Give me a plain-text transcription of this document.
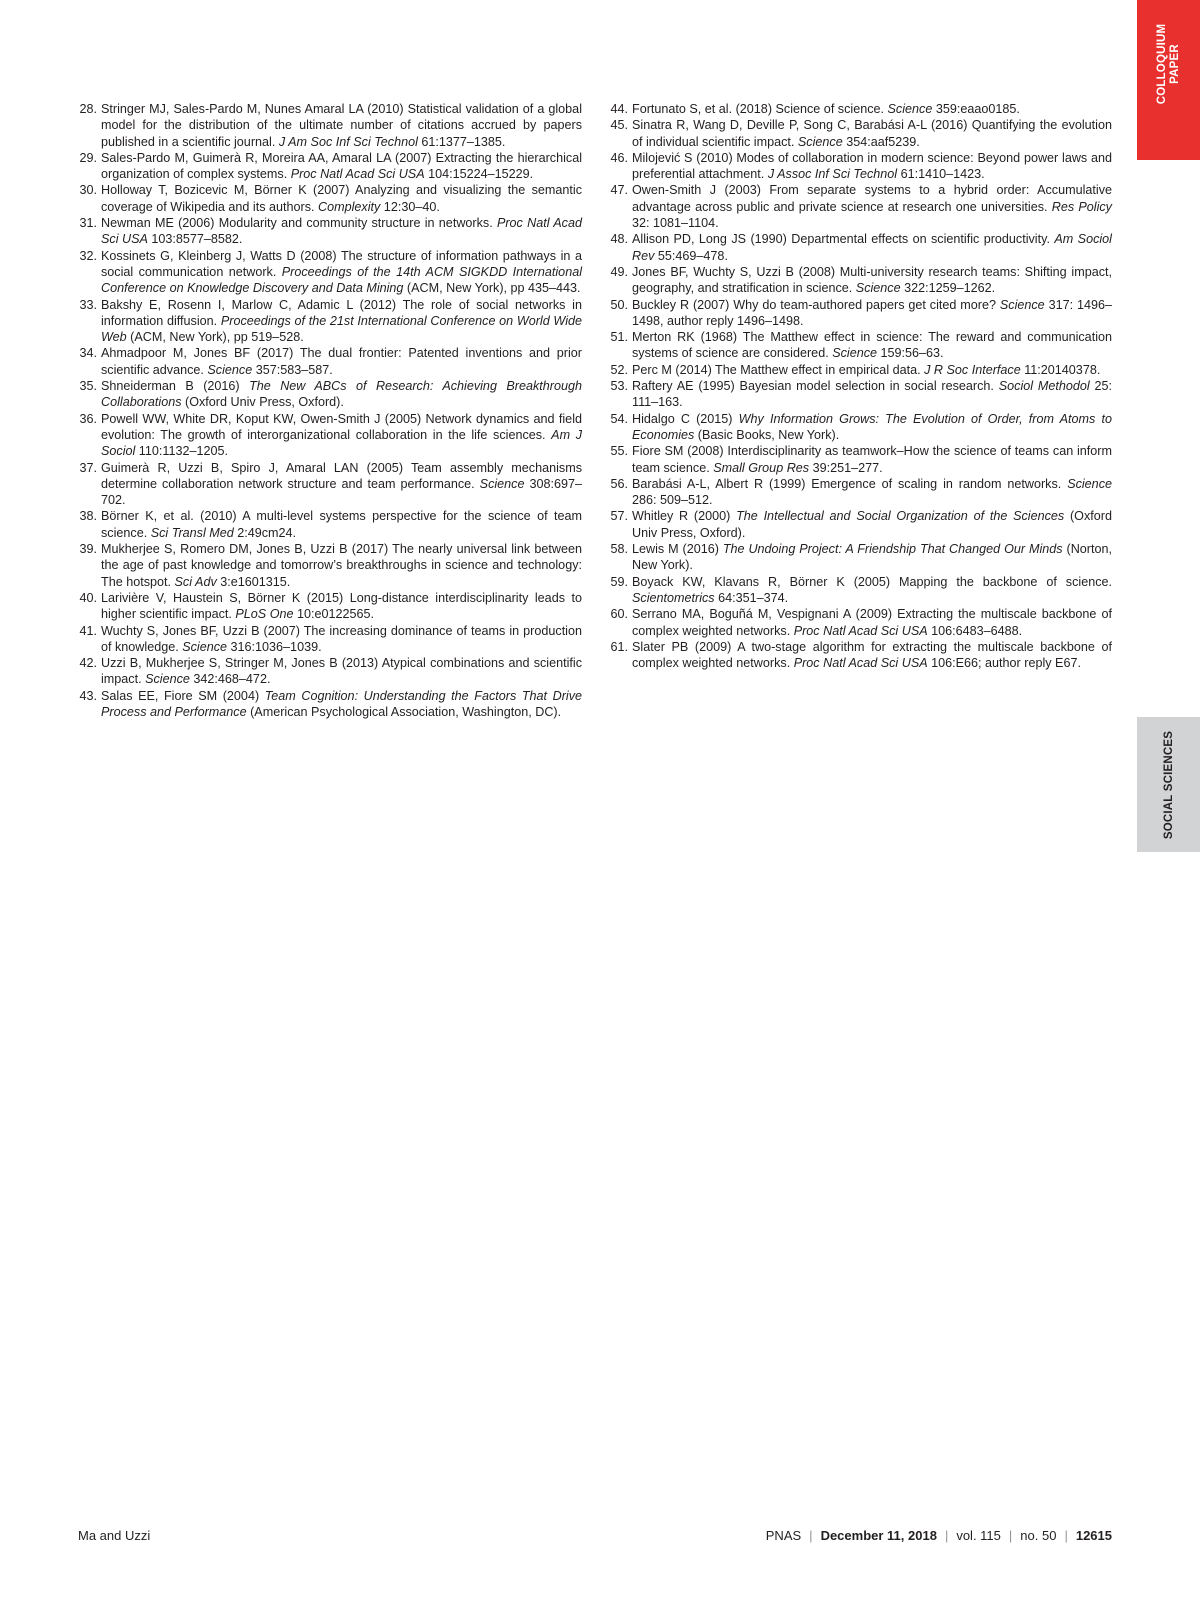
COLLOQUIUM
PAPER
28. Stringer MJ, Sales-Pardo M, Nunes Amaral LA (2010) Statistical validation of a global model for the distribution of the ultimate number of citations accrued by papers published in a scientific journal. J Am Soc Inf Sci Technol 61:1377–1385.
29. Sales-Pardo M, Guimerà R, Moreira AA, Amaral LA (2007) Extracting the hierarchical organization of complex systems. Proc Natl Acad Sci USA 104:15224–15229.
30. Holloway T, Bozicevic M, Börner K (2007) Analyzing and visualizing the semantic coverage of Wikipedia and its authors. Complexity 12:30–40.
31. Newman ME (2006) Modularity and community structure in networks. Proc Natl Acad Sci USA 103:8577–8582.
32. Kossinets G, Kleinberg J, Watts D (2008) The structure of information pathways in a social communication network. Proceedings of the 14th ACM SIGKDD International Conference on Knowledge Discovery and Data Mining (ACM, New York), pp 435–443.
33. Bakshy E, Rosenn I, Marlow C, Adamic L (2012) The role of social networks in information diffusion. Proceedings of the 21st International Conference on World Wide Web (ACM, New York), pp 519–528.
34. Ahmadpoor M, Jones BF (2017) The dual frontier: Patented inventions and prior scientific advance. Science 357:583–587.
35. Shneiderman B (2016) The New ABCs of Research: Achieving Breakthrough Collaborations (Oxford Univ Press, Oxford).
36. Powell WW, White DR, Koput KW, Owen-Smith J (2005) Network dynamics and field evolution: The growth of interorganizational collaboration in the life sciences. Am J Sociol 110:1132–1205.
37. Guimerà R, Uzzi B, Spiro J, Amaral LAN (2005) Team assembly mechanisms determine collaboration network structure and team performance. Science 308:697–702.
38. Börner K, et al. (2010) A multi-level systems perspective for the science of team science. Sci Transl Med 2:49cm24.
39. Mukherjee S, Romero DM, Jones B, Uzzi B (2017) The nearly universal link between the age of past knowledge and tomorrow’s breakthroughs in science and technology: The hotspot. Sci Adv 3:e1601315.
40. Larivière V, Haustein S, Börner K (2015) Long-distance interdisciplinarity leads to higher scientific impact. PLoS One 10:e0122565.
41. Wuchty S, Jones BF, Uzzi B (2007) The increasing dominance of teams in production of knowledge. Science 316:1036–1039.
42. Uzzi B, Mukherjee S, Stringer M, Jones B (2013) Atypical combinations and scientific impact. Science 342:468–472.
43. Salas EE, Fiore SM (2004) Team Cognition: Understanding the Factors That Drive Process and Performance (American Psychological Association, Washington, DC).
44. Fortunato S, et al. (2018) Science of science. Science 359:eaao0185.
45. Sinatra R, Wang D, Deville P, Song C, Barabási A-L (2016) Quantifying the evolution of individual scientific impact. Science 354:aaf5239.
46. Milojević S (2010) Modes of collaboration in modern science: Beyond power laws and preferential attachment. J Assoc Inf Sci Technol 61:1410–1423.
47. Owen-Smith J (2003) From separate systems to a hybrid order: Accumulative advantage across public and private science at research one universities. Res Policy 32: 1081–1104.
48. Allison PD, Long JS (1990) Departmental effects on scientific productivity. Am Sociol Rev 55:469–478.
49. Jones BF, Wuchty S, Uzzi B (2008) Multi-university research teams: Shifting impact, geography, and stratification in science. Science 322:1259–1262.
50. Buckley R (2007) Why do team-authored papers get cited more? Science 317: 1496–1498, author reply 1496–1498.
51. Merton RK (1968) The Matthew effect in science: The reward and communication systems of science are considered. Science 159:56–63.
52. Perc M (2014) The Matthew effect in empirical data. J R Soc Interface 11:20140378.
53. Raftery AE (1995) Bayesian model selection in social research. Sociol Methodol 25: 111–163.
54. Hidalgo C (2015) Why Information Grows: The Evolution of Order, from Atoms to Economies (Basic Books, New York).
55. Fiore SM (2008) Interdisciplinarity as teamwork–How the science of teams can inform team science. Small Group Res 39:251–277.
56. Barabási A-L, Albert R (1999) Emergence of scaling in random networks. Science 286: 509–512.
57. Whitley R (2000) The Intellectual and Social Organization of the Sciences (Oxford Univ Press, Oxford).
58. Lewis M (2016) The Undoing Project: A Friendship That Changed Our Minds (Norton, New York).
59. Boyack KW, Klavans R, Börner K (2005) Mapping the backbone of science. Scientometrics 64:351–374.
60. Serrano MA, Boguñá M, Vespignani A (2009) Extracting the multiscale backbone of complex weighted networks. Proc Natl Acad Sci USA 106:6483–6488.
61. Slater PB (2009) A two-stage algorithm for extracting the multiscale backbone of complex weighted networks. Proc Natl Acad Sci USA 106:E66; author reply E67.
SOCIAL SCIENCES
Ma and Uzzi	PNAS | December 11, 2018 | vol. 115 | no. 50 | 12615
